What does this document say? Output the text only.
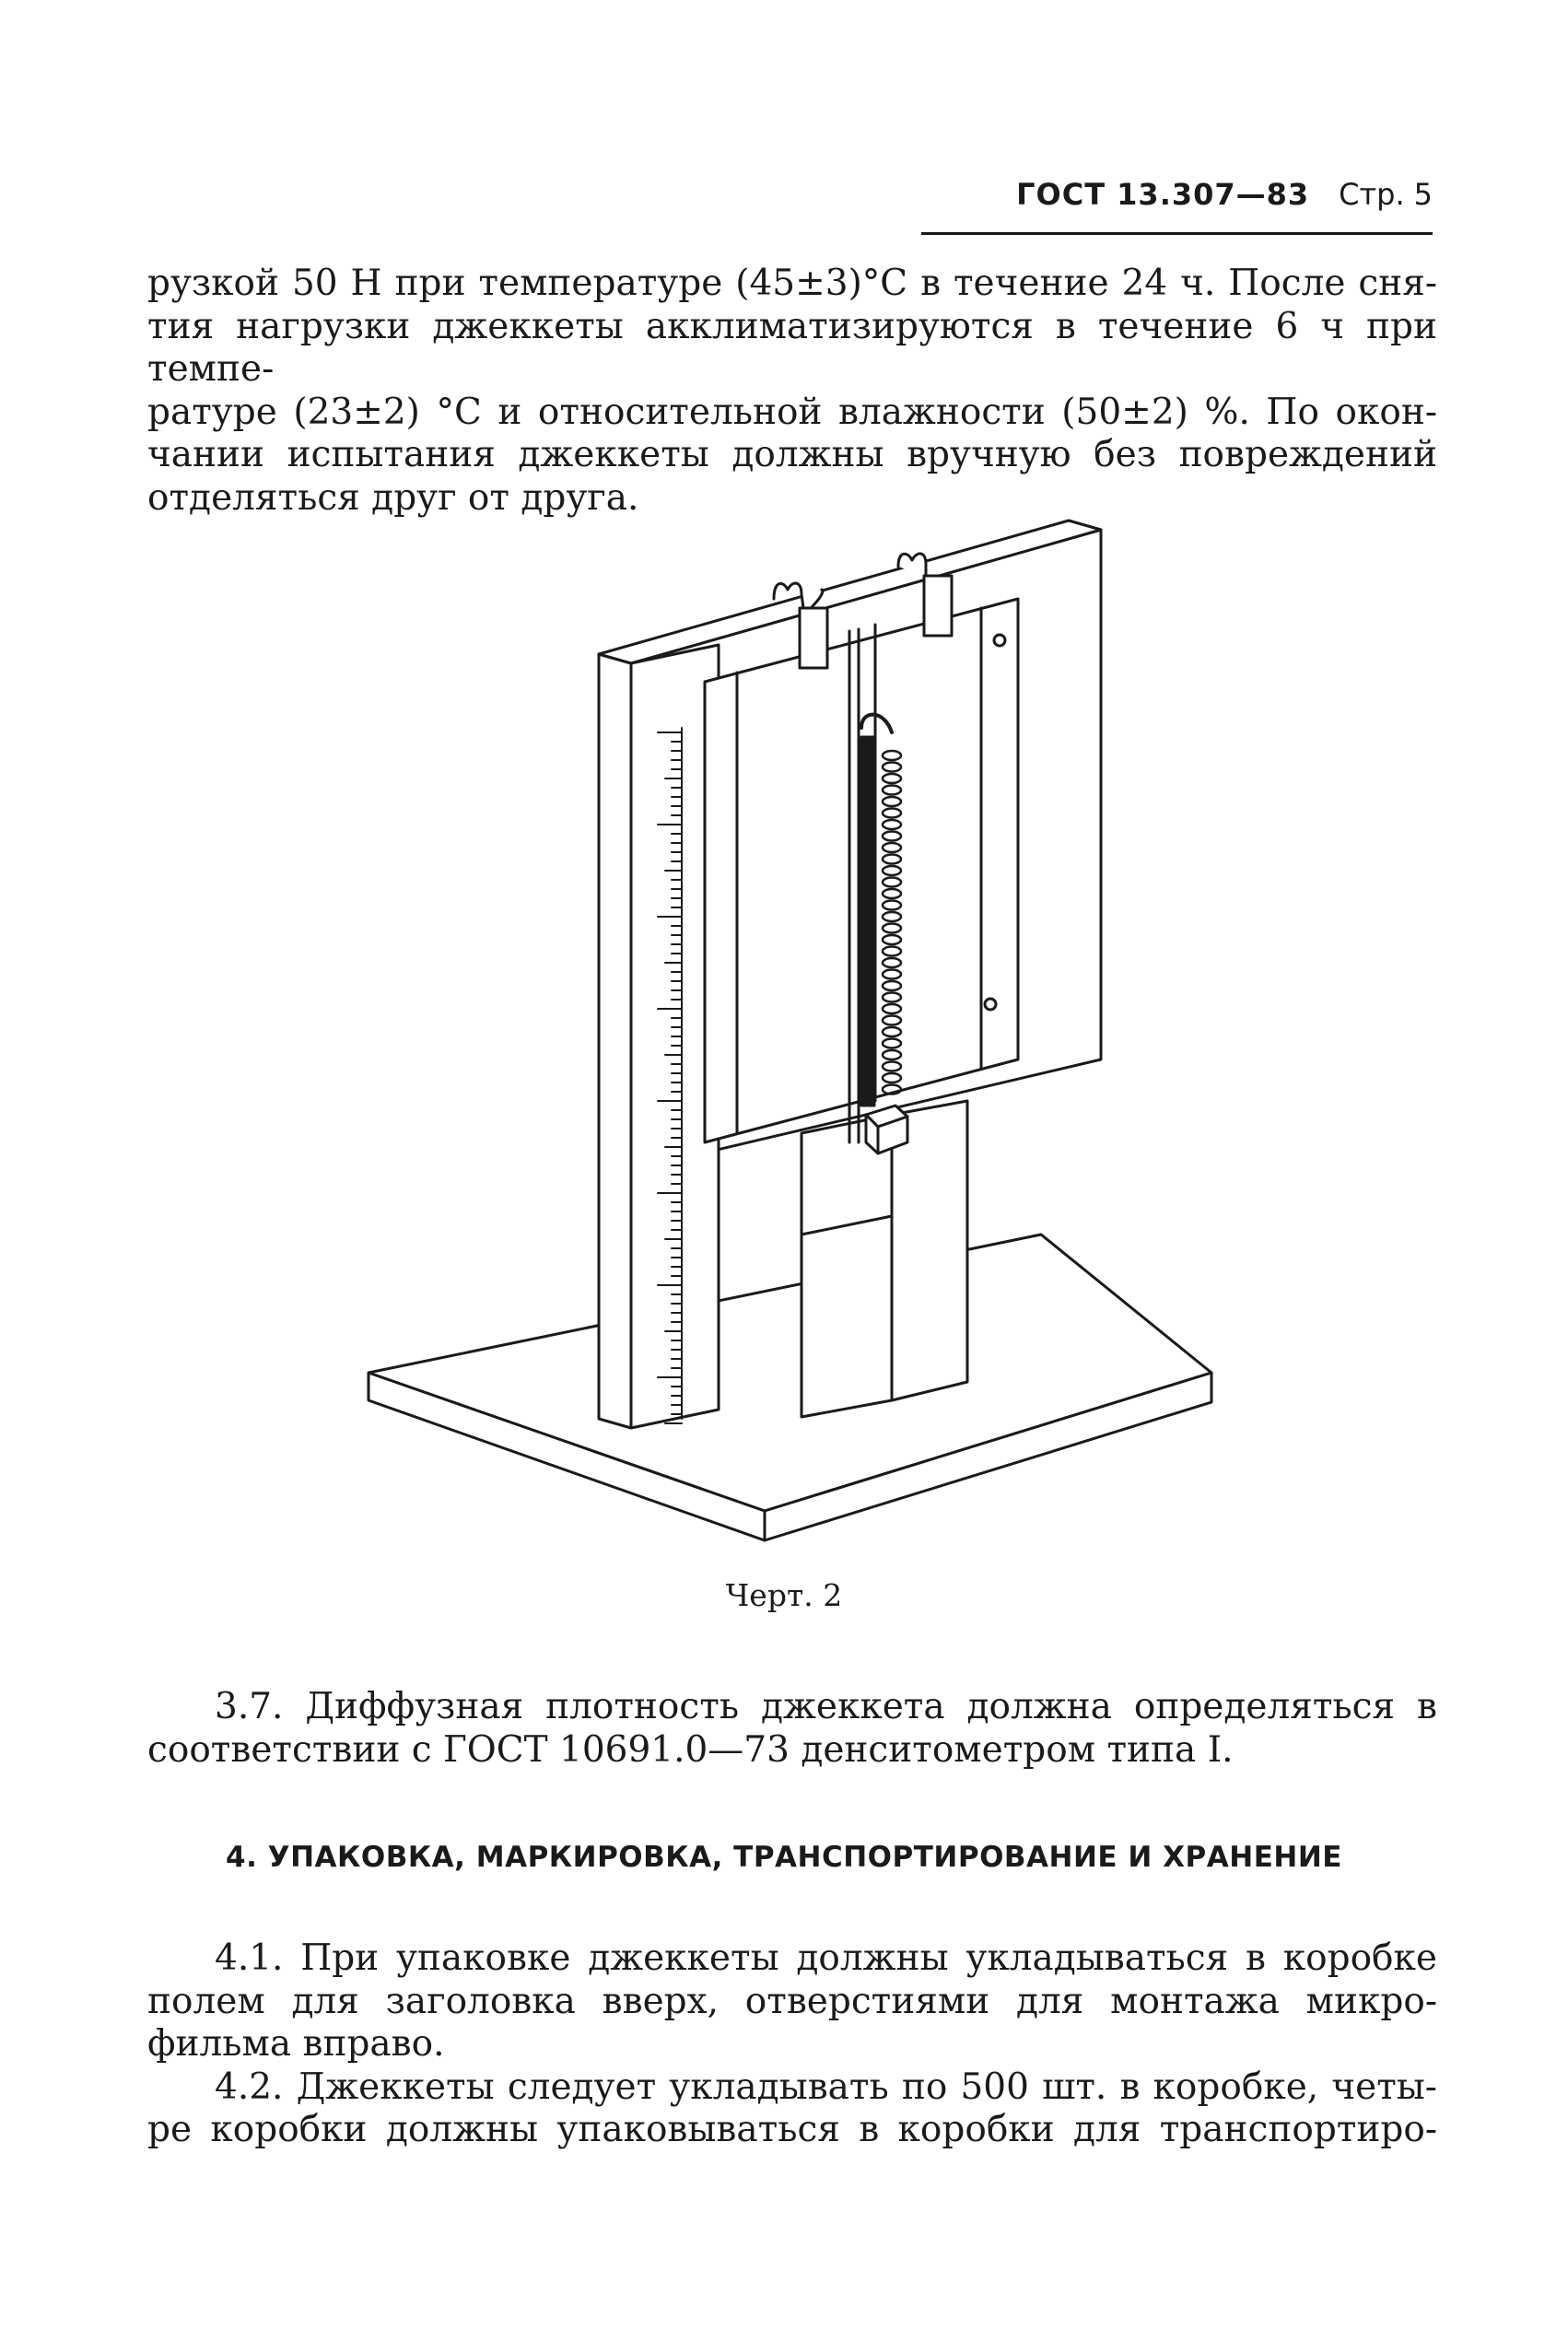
ГОСТ 13.307—83	Стр. 5
рузкой 50 Н при температуре (45±3)°С в течение 24 ч. После сня-
тия нагрузки джеккеты акклиматизируются в течение 6 ч при темпе-
ратуре (23±2) °С и относительной влажности (50±2) %. По окон-
чании испытания джеккеты должны вручную без повреждений
отделяться друг от друга.
Черт. 2
3.7. Диффузная плотность джеккета должна определяться в
соответствии с ГОСТ 10691.0—73 денситометром типа I.
4. УПАКОВКА, МАРКИРОВКА, ТРАНСПОРТИРОВАНИЕ И ХРАНЕНИЕ
4.1. При упаковке джеккеты должны укладываться в коробке
полем для заголовка вверх, отверстиями для монтажа микро-
фильма вправо.
4.2. Джеккеты следует укладывать по 500 шт. в коробке, четы-
ре коробки должны упаковываться в коробки для транспортиро-
